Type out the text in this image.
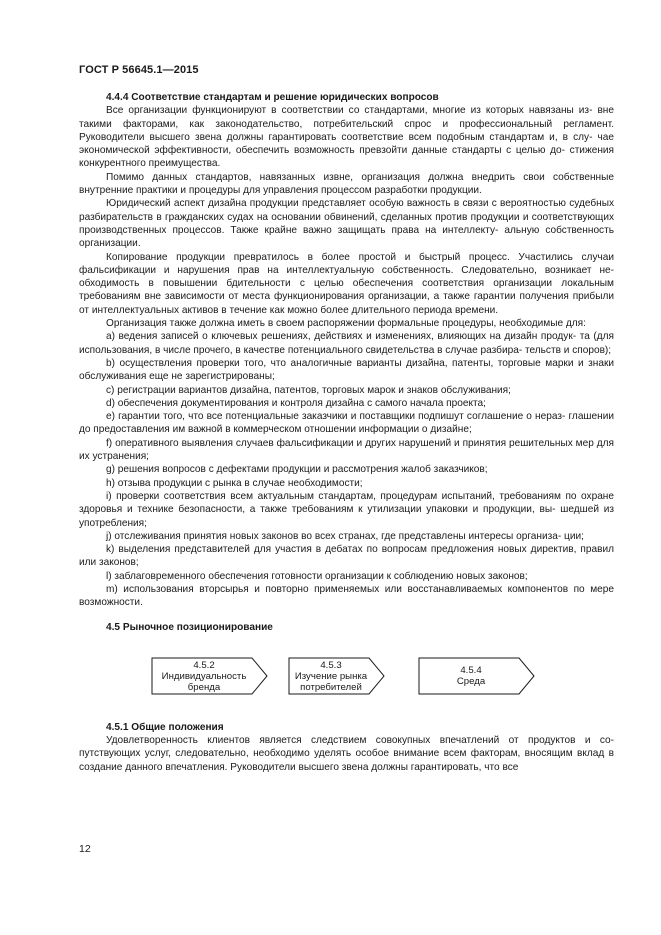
ГОСТ Р 56645.1—2015

4.4.4 Соответствие стандартам и решение юридических вопросов

Все организации функционируют в соответствии со стандартами, многие из которых навязаны из- вне такими факторами, как законодательство, потребительский спрос и профессиональный регламент. Руководители высшего звена должны гарантировать соответствие всем подобным стандартам и, в слу- чае экономической эффективности, обеспечить возможность превзойти данные стандарты с целью до- стижения конкурентного преимущества.

Помимо данных стандартов, навязанных извне, организация должна внедрить свои собственные внутренние практики и процедуры для управления процессом разработки продукции.

Юридический аспект дизайна продукции представляет особую важность в связи с вероятностью судебных разбирательств в гражданских судах на основании обвинений, сделанных против продукции и соответствующих производственных процессов. Также крайне важно защищать права на интеллекту- альную собственность организации.

Копирование продукции превратилось в более простой и быстрый процесс. Участились случаи фальсификации и нарушения прав на интеллектуальную собственность. Следовательно, возникает не- обходимость в повышении бдительности с целью обеспечения соответствия организации локальным требованиям вне зависимости от места функционирования организации, а также гарантии получения прибыли от интеллектуальных активов в течение как можно более длительного периода времени.

Организация также должна иметь в своем распоряжении формальные процедуры, необходимые для:

a) ведения записей о ключевых решениях, действиях и изменениях, влияющих на дизайн продук- та (для использования, в числе прочего, в качестве потенциального свидетельства в случае разбира- тельств и споров);

b) осуществления проверки того, что аналогичные варианты дизайна, патенты, торговые марки и знаки обслуживания еще не зарегистрированы;

c) регистрации вариантов дизайна, патентов, торговых марок и знаков обслуживания;

d) обеспечения документирования и контроля дизайна с самого начала проекта;

e) гарантии того, что все потенциальные заказчики и поставщики подпишут соглашение о нераз- глашении до предоставления им важной в коммерческом отношении информации о дизайне;

f) оперативного выявления случаев фальсификации и других нарушений и принятия решительных мер для их устранения;

g) решения вопросов с дефектами продукции и рассмотрения жалоб заказчиков;

h) отзыва продукции с рынка в случае необходимости;

i) проверки соответствия всем актуальным стандартам, процедурам испытаний, требованиям по охране здоровья и технике безопасности, а также требованиям к утилизации упаковки и продукции, вы- шедшей из употребления;

j) отслеживания принятия новых законов во всех странах, где представлены интересы организа- ции;

k) выделения представителей для участия в дебатах по вопросам предложения новых директив, правил или законов;

l) заблаговременного обеспечения готовности организации к соблюдению новых законов;

m) использования вторсырья и повторно применяемых или восстанавливаемых компонентов по мере возможности.

4.5 Рыночное позиционирование

4.5.2
Индивидуальность
бренда
4.5.3
Изучение рынка
потребителей
4.5.4
Среда

4.5.1 Общие положения

Удовлетворенность клиентов является следствием совокупных впечатлений от продуктов и со- путствующих услуг, следовательно, необходимо уделять особое внимание всем факторам, вносящим вклад в создание данного впечатления. Руководители высшего звена должны гарантировать, что все

12
